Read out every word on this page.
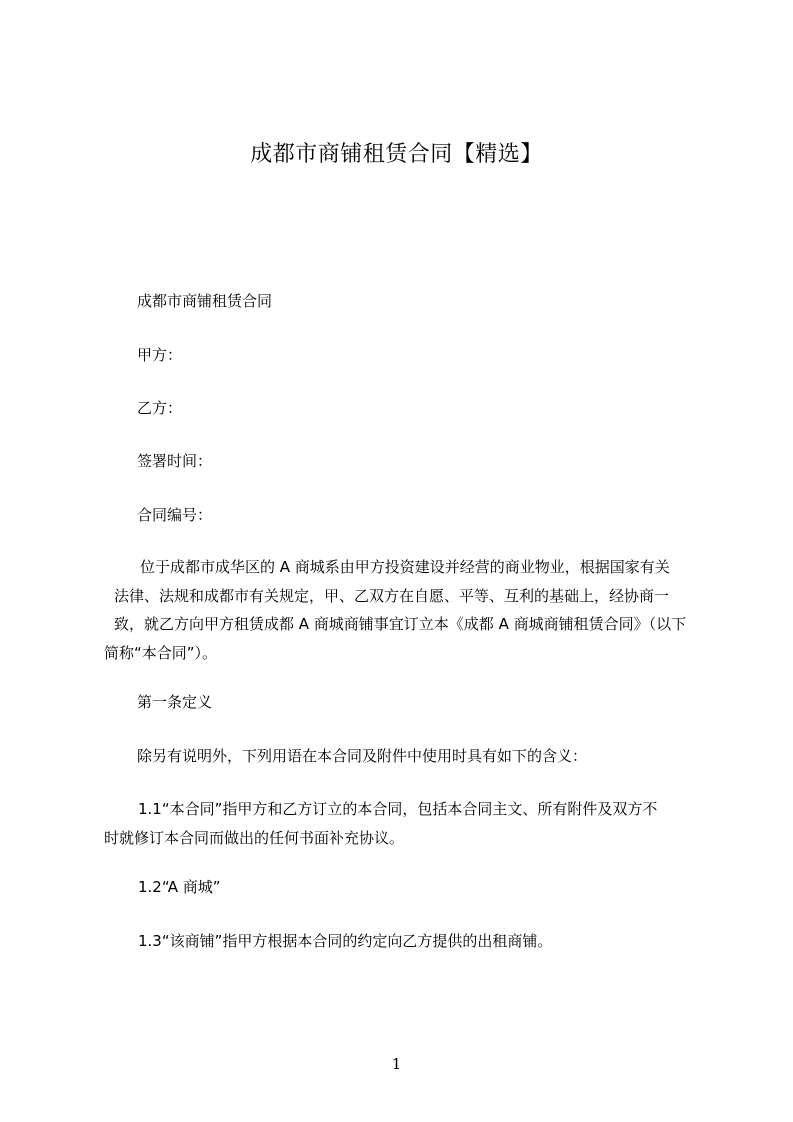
成都市商铺租赁合同【精选】
成都市商铺租赁合同
甲方：
乙方：
签署时间：
合同编号：
位于成都市成华区的 A 商城系由甲方投资建设并经营的商业物业，根据国家有关
法律、法规和成都市有关规定，甲、乙双方在自愿、平等、互利的基础上，经协商一
致，就乙方向甲方租赁成都 A 商城商铺事宜订立本《成都 A 商城商铺租赁合同》（以下
简称“本合同”）。
第一条定义
除另有说明外，下列用语在本合同及附件中使用时具有如下的含义：
1.1“本合同”指甲方和乙方订立的本合同，包括本合同主文、所有附件及双方不
时就修订本合同而做出的任何书面补充协议。
1.2“A 商城”
1.3“该商铺”指甲方根据本合同的约定向乙方提供的出租商铺。
1
